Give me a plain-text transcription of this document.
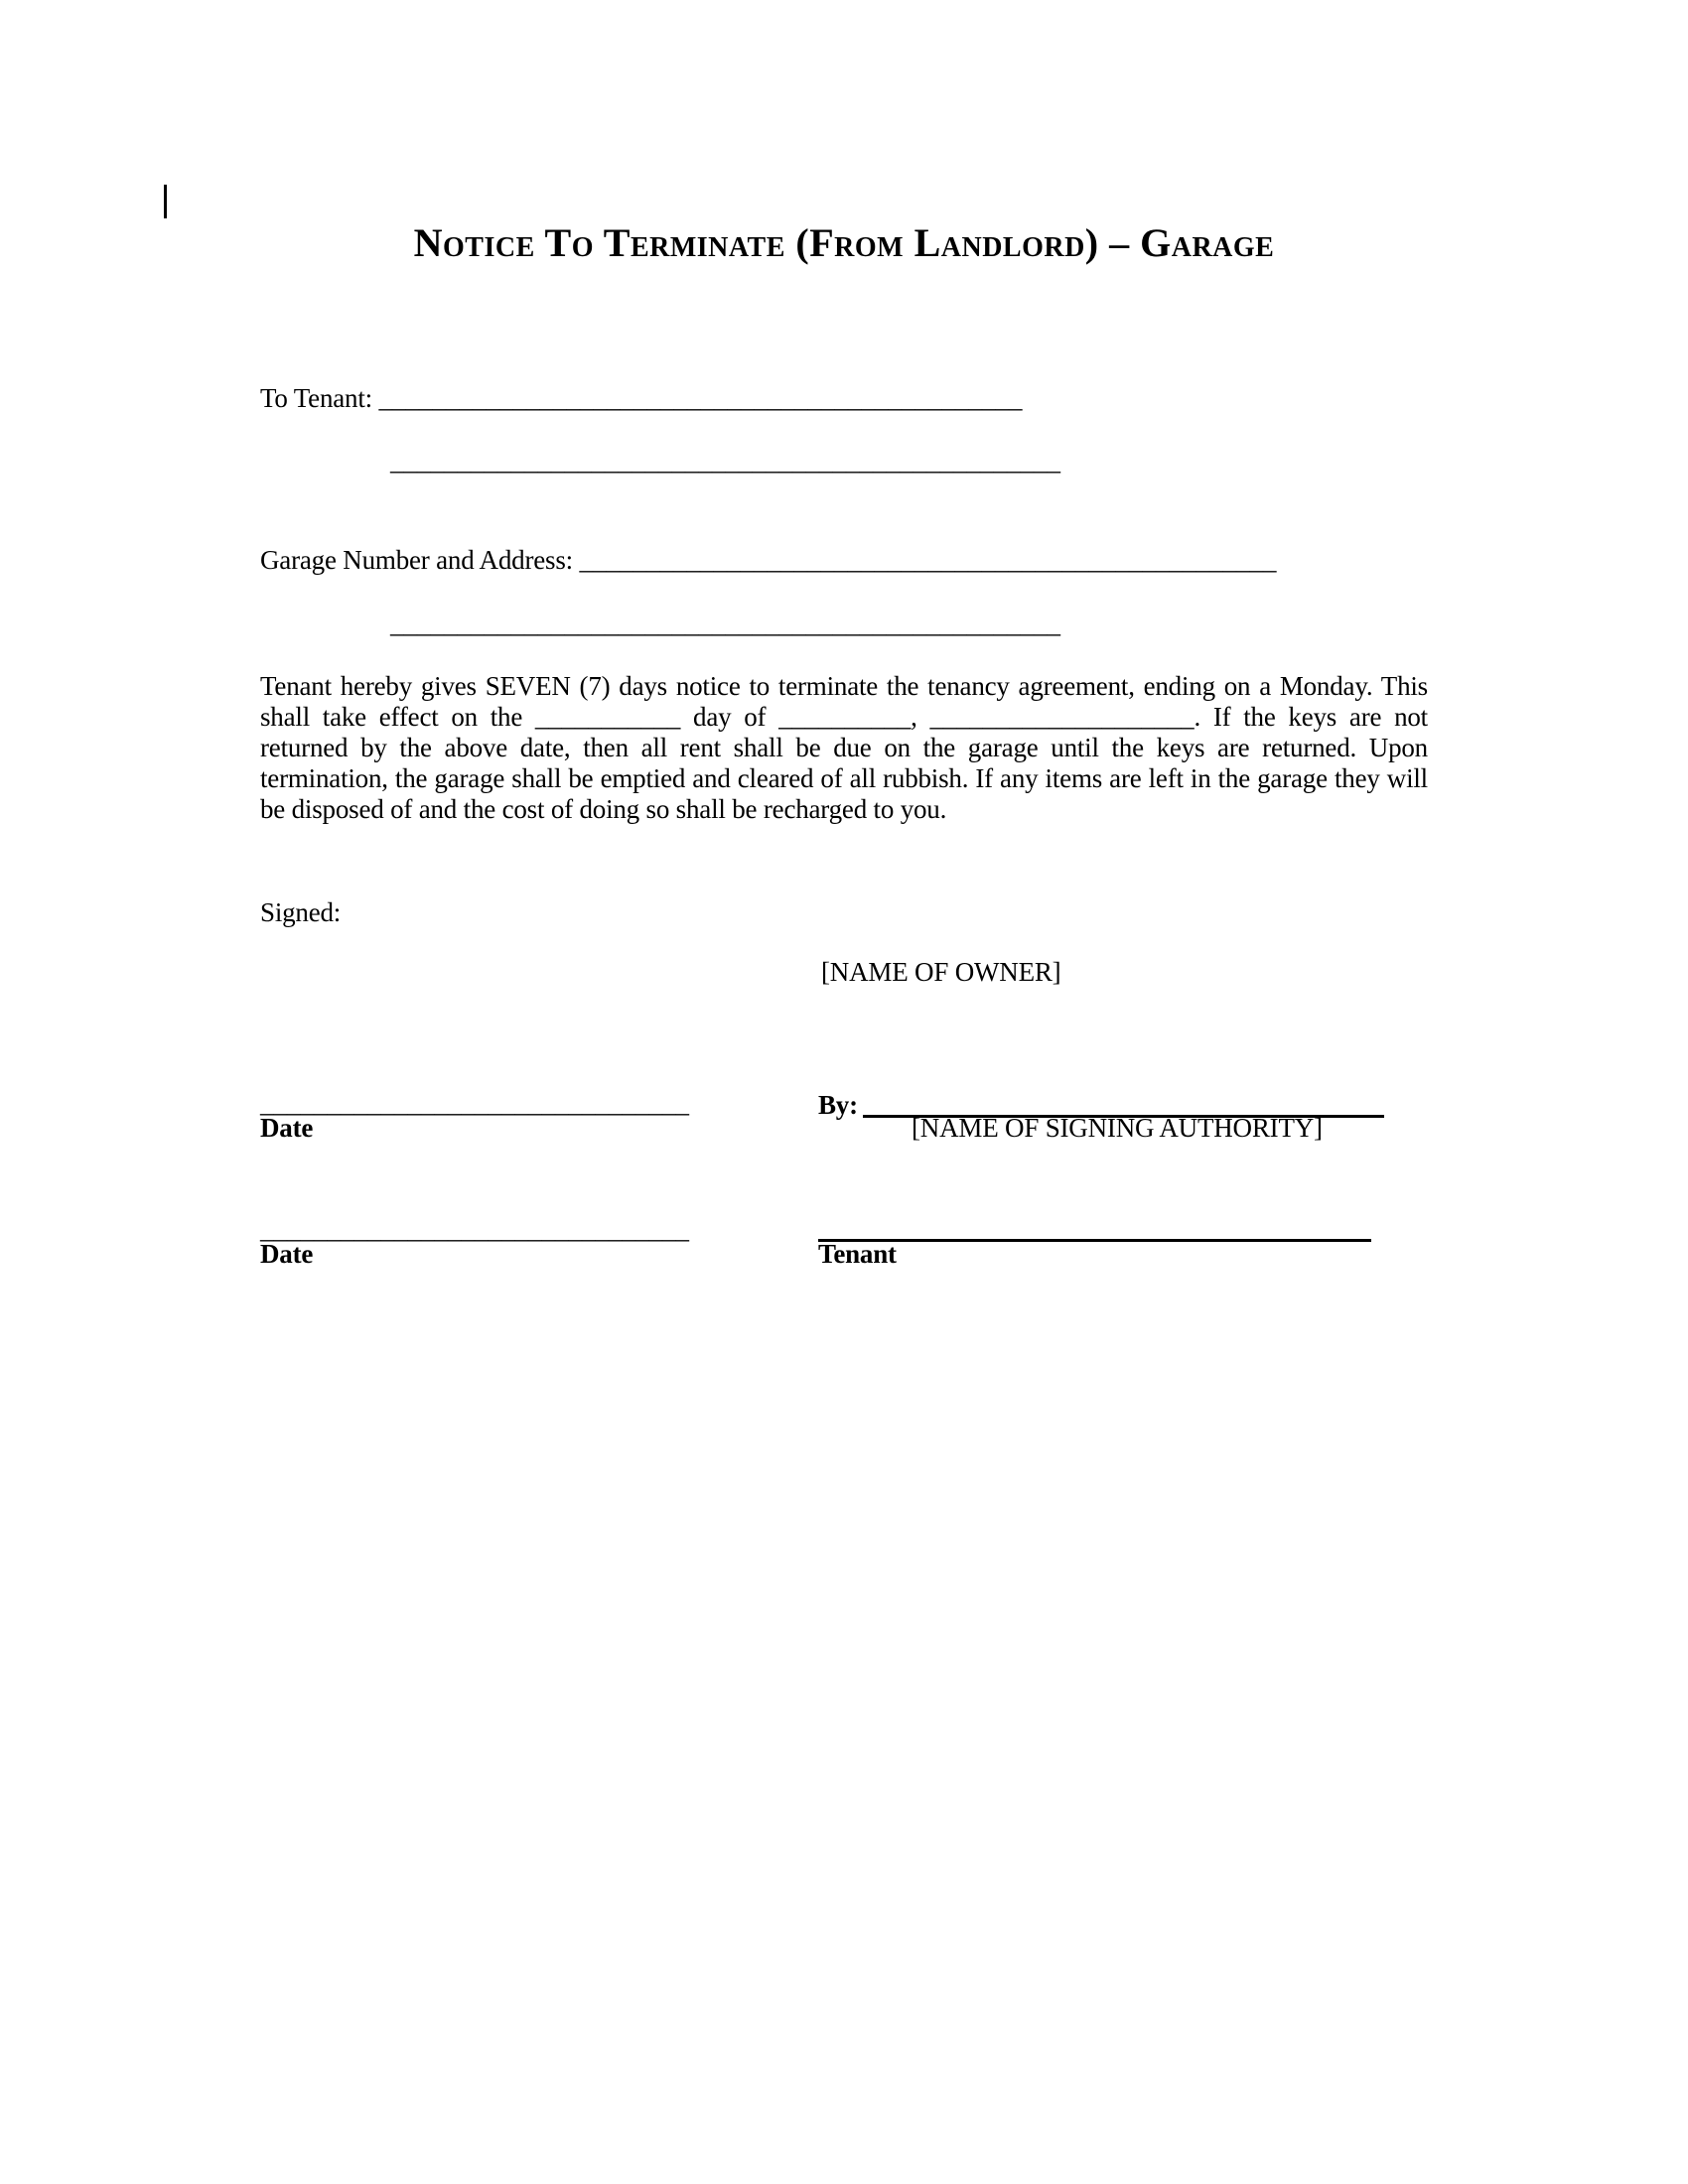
Notice To Terminate (From Landlord) – Garage
To Tenant: ________________________________________________
__________________________________________________
Garage Number and Address: ____________________________________________________
__________________________________________________
Tenant hereby gives SEVEN (7) days notice to terminate the tenancy agreement, ending on a Monday. This shall take effect on the ___________ day of __________, ____________________. If the keys are not returned by the above date, then all rent shall be due on the garage until the keys are returned. Upon termination, the garage shall be emptied and cleared of all rubbish. If any items are left in the garage they will be disposed of and the cost of doing so shall be recharged to you.
Signed:
[NAME OF OWNER]
________________________________	By:
Date	[NAME OF SIGNING AUTHORITY]
________________________________
Date	Tenant
